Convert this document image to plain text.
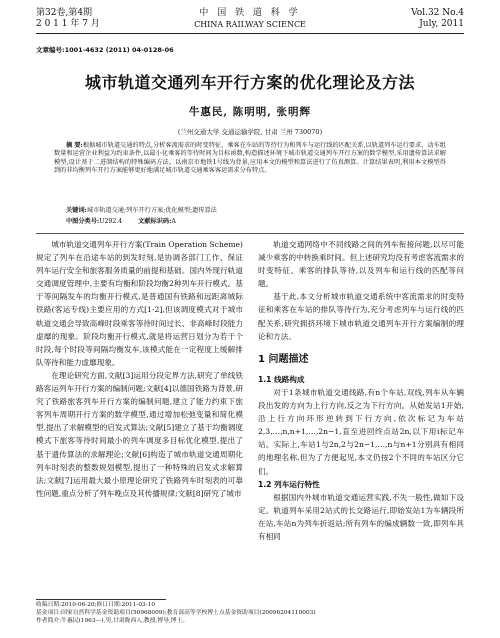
第32卷,第4期
2 0 1 1 年 7 月
中 国 铁 道 科 学
CHINA RAILWAY SCIENCE
Vol.32 No.4
July, 2011
文章编号:1001-4632 (2011) 04-0128-06
城市轨道交通列车开行方案的优化理论及方法
牛惠民, 陈明明, 张明辉
(兰州交通大学 交通运输学院, 甘肃 兰州 730070)
摘 要:根据城市轨道交通的特点,分析客流需求的时变特征、乘客在车站的等待行为和列车与运行线的匹配关系,以轨道列车运行要求、动车组数量和运营企业利益为约束条件,以最小化乘客的等待时间为目标函数,构造描述环境下城市轨道交通列车开行方案的数学模型,采用遗传算法求解模型,设计基于二进制结构的特殊编码方法。以南京市地铁1号线为背景,应用本文的模型和算法进行了仿真测算。计算结果表明,利用本文模型得到的非均衡列车开行方案能够更好地满足城市轨道交通乘客客运需求分布特点。
关键词:城市轨道交通;列车开行方案;优化模型;遗传算法
中图分类号:U292.4	文献标识码:A

城市轨道交通列车开行方案(Train Operation Scheme)规定了列车在沿途车站的到发时刻,是协调各部门工作、保证列车运行安全和旅客服务质量的前提和基础。国内外现行轨道交通调度管理中,主要有均衡和阶段均衡2种列车开行模式。基于等间隔发车的均衡开行模式,是普通国有铁路和远距离城际铁路(客运专线)主要应用的方式[1-2],但该调度模式对于城市轨道交通会导致高峰时段乘客等待时间过长、非高峰时段能力虚靡的现象。阶段均衡开行模式,就是将运营日划分为若干个时段,每个时段等间隔均衡发车,该模式能在一定程度上缓解排队等待和能力虚靡现象。

在理论研究方面,文献[3]运用分段定界方法,研究了单线铁路客运列车开行方案的编制问题;文献[4]以德国铁路为背景,研究了铁路旅客列车开行方案的编制问题,建立了能力约束下旅客列车周期开行方案的数学模型,通过增加松弛变量和简化模型,提出了求解模型的启发式算法;文献[5]建立了基于均衡调度模式下旅客等待时间最小的列车调度多目标优化模型,提出了基于遗传算法的求解理论;文献[6]构造了城市轨道交通周期化列车时刻表的整数规划模型,提出了一种特殊的启发式求解算法;文献[7]运用最大最小原理论研究了铁路列车时刻表的可靠性问题,重点分析了列车晚点及其传播规律;文献[8]研究了城市

轨道交通网络中不同线路之间的列车衔接问题,以尽可能减少乘客的中转换乘时间。但上述研究均没有考虑客流需求的时变特征、乘客的排队等待,以及列车和运行线的匹配等问题。

基于此,本文分析城市轨道交通系统中客流需求的时变特征和乘客在车站的排队等待行为,充分考虑列车与运行线的匹配关系,研究拥挤环境下城市轨道交通列车开行方案编制的理论和方法。

1 问题描述
1.1 线路构成

对于1条城市轨道交通线路,有n个车站,双线,列车从车辆段出发的方向为上行方向,反之为下行方向。从始发站1开始,沿上行方向环形逆转到下行方向,依次标记为车站2,3,…,n,n+1,…,2n−1,直至进回终点站2n,以下用i标记车站。实际上,车站1与2n,2与2n−1,…,n与n+1分别具有相同的地理名称,但为了方便起见,本文仍按2个不同的车站区分它们。

1.2 列车运行特性

根据国内外城市轨道交通运营实践,不失一般性,做如下设定。轨道列车采用2站式的长交路运行,即始发站1为车辆段所在站,车站n为列车折返站;所有列车的编成辆数一致,即列车具有相同

收稿日期:2010-06-20;修订日期:2011-03-10
基金项目:国家自然科学基金资助项目(50968009);教育部高等学校博士点基金资助项目(20096204110003)
作者简介:牛惠民(1963—),男,甘肃陇西人,教授,博导,博士。
